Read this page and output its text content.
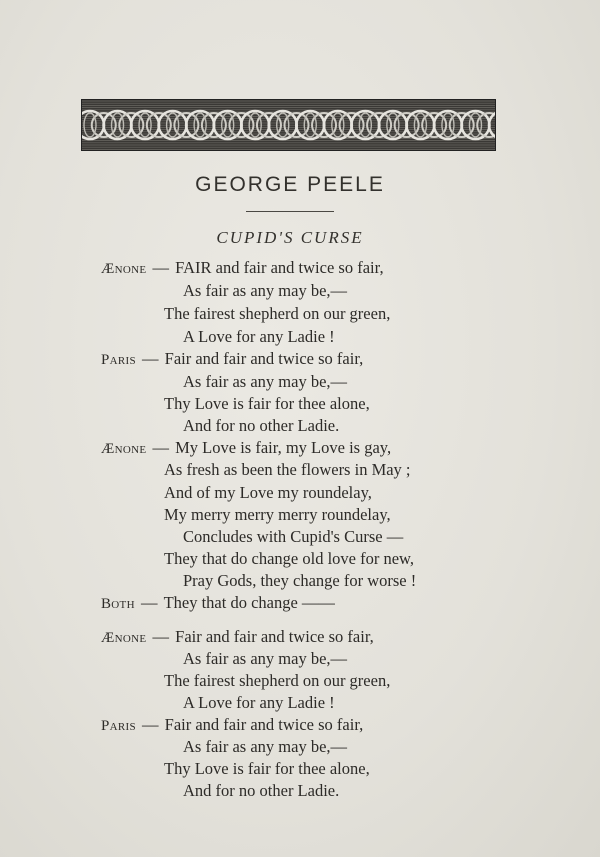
GEORGE PEELE
CUPID'S CURSE
Ænone — FAIR and fair and twice so fair,
As fair as any may be,—
The fairest shepherd on our green,
A Love for any Ladie !
Paris — Fair and fair and twice so fair,
As fair as any may be,—
Thy Love is fair for thee alone,
And for no other Ladie.
Ænone — My Love is fair, my Love is gay,
As fresh as been the flowers in May ;
And of my Love my roundelay,
My merry merry merry roundelay,
Concludes with Cupid's Curse —
They that do change old love for new,
Pray Gods, they change for worse !
Both — They that do change ——
Ænone — Fair and fair and twice so fair,
As fair as any may be,—
The fairest shepherd on our green,
A Love for any Ladie !
Paris — Fair and fair and twice so fair,
As fair as any may be,—
Thy Love is fair for thee alone,
And for no other Ladie.
